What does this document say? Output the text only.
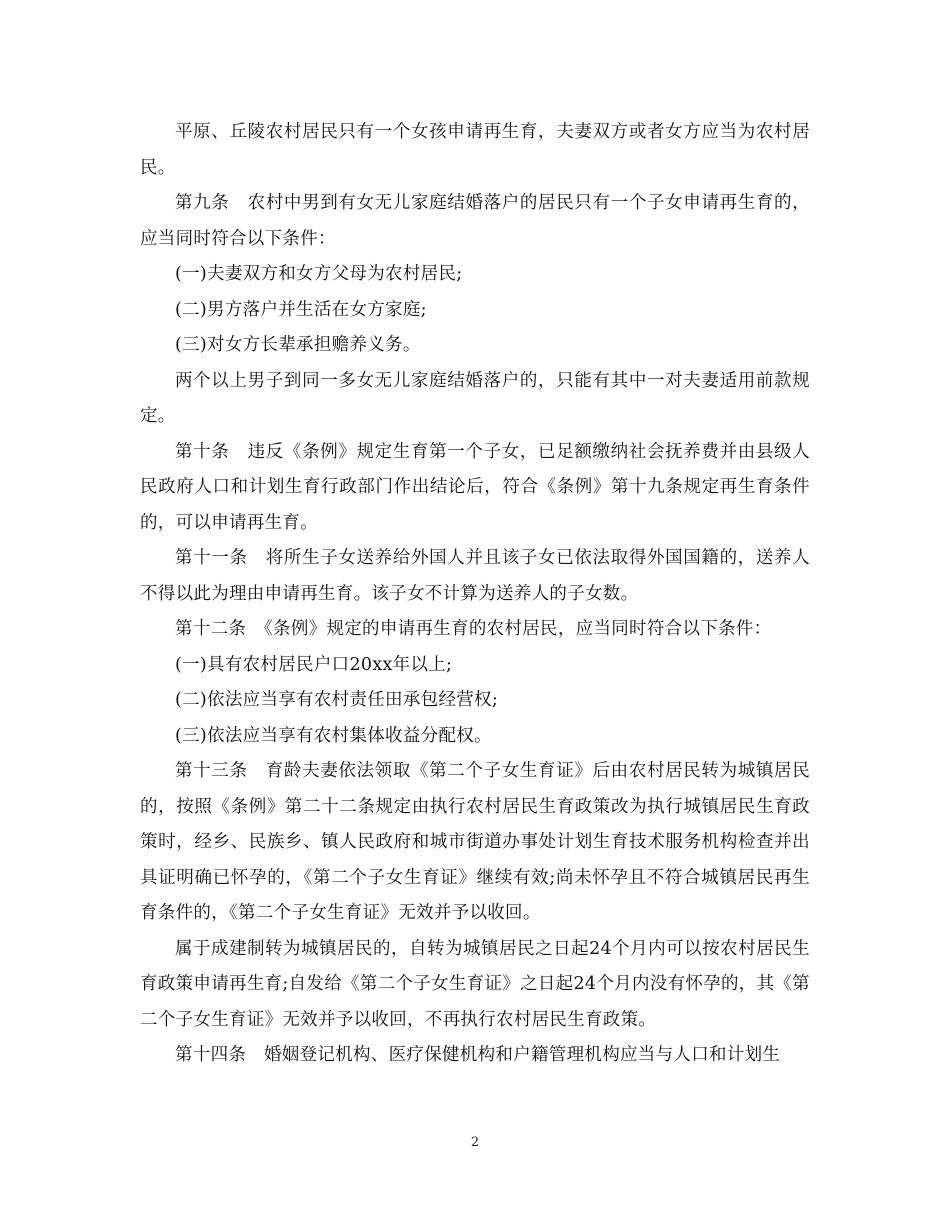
平原、丘陵农村居民只有一个女孩申请再生育，夫妻双方或者女方应当为农村居民。

第九条　农村中男到有女无儿家庭结婚落户的居民只有一个子女申请再生育的，应当同时符合以下条件：

(一)夫妻双方和女方父母为农村居民;

(二)男方落户并生活在女方家庭;

(三)对女方长辈承担赡养义务。

两个以上男子到同一多女无儿家庭结婚落户的，只能有其中一对夫妻适用前款规定。

第十条　违反《条例》规定生育第一个子女，已足额缴纳社会抚养费并由县级人民政府人口和计划生育行政部门作出结论后，符合《条例》第十九条规定再生育条件的，可以申请再生育。

第十一条　将所生子女送养给外国人并且该子女已依法取得外国国籍的，送养人不得以此为理由申请再生育。该子女不计算为送养人的子女数。

第十二条　《条例》规定的申请再生育的农村居民，应当同时符合以下条件：

(一)具有农村居民户口20xx年以上;

(二)依法应当享有农村责任田承包经营权;

(三)依法应当享有农村集体收益分配权。

第十三条　育龄夫妻依法领取《第二个子女生育证》后由农村居民转为城镇居民的，按照《条例》第二十二条规定由执行农村居民生育政策改为执行城镇居民生育政策时，经乡、民族乡、镇人民政府和城市街道办事处计划生育技术服务机构检查并出具证明确已怀孕的，《第二个子女生育证》继续有效;尚未怀孕且不符合城镇居民再生育条件的，《第二个子女生育证》无效并予以收回。

属于成建制转为城镇居民的，自转为城镇居民之日起24个月内可以按农村居民生育政策申请再生育;自发给《第二个子女生育证》之日起24个月内没有怀孕的，其《第二个子女生育证》无效并予以收回，不再执行农村居民生育政策。

第十四条　婚姻登记机构、医疗保健机构和户籍管理机构应当与人口和计划生

2
